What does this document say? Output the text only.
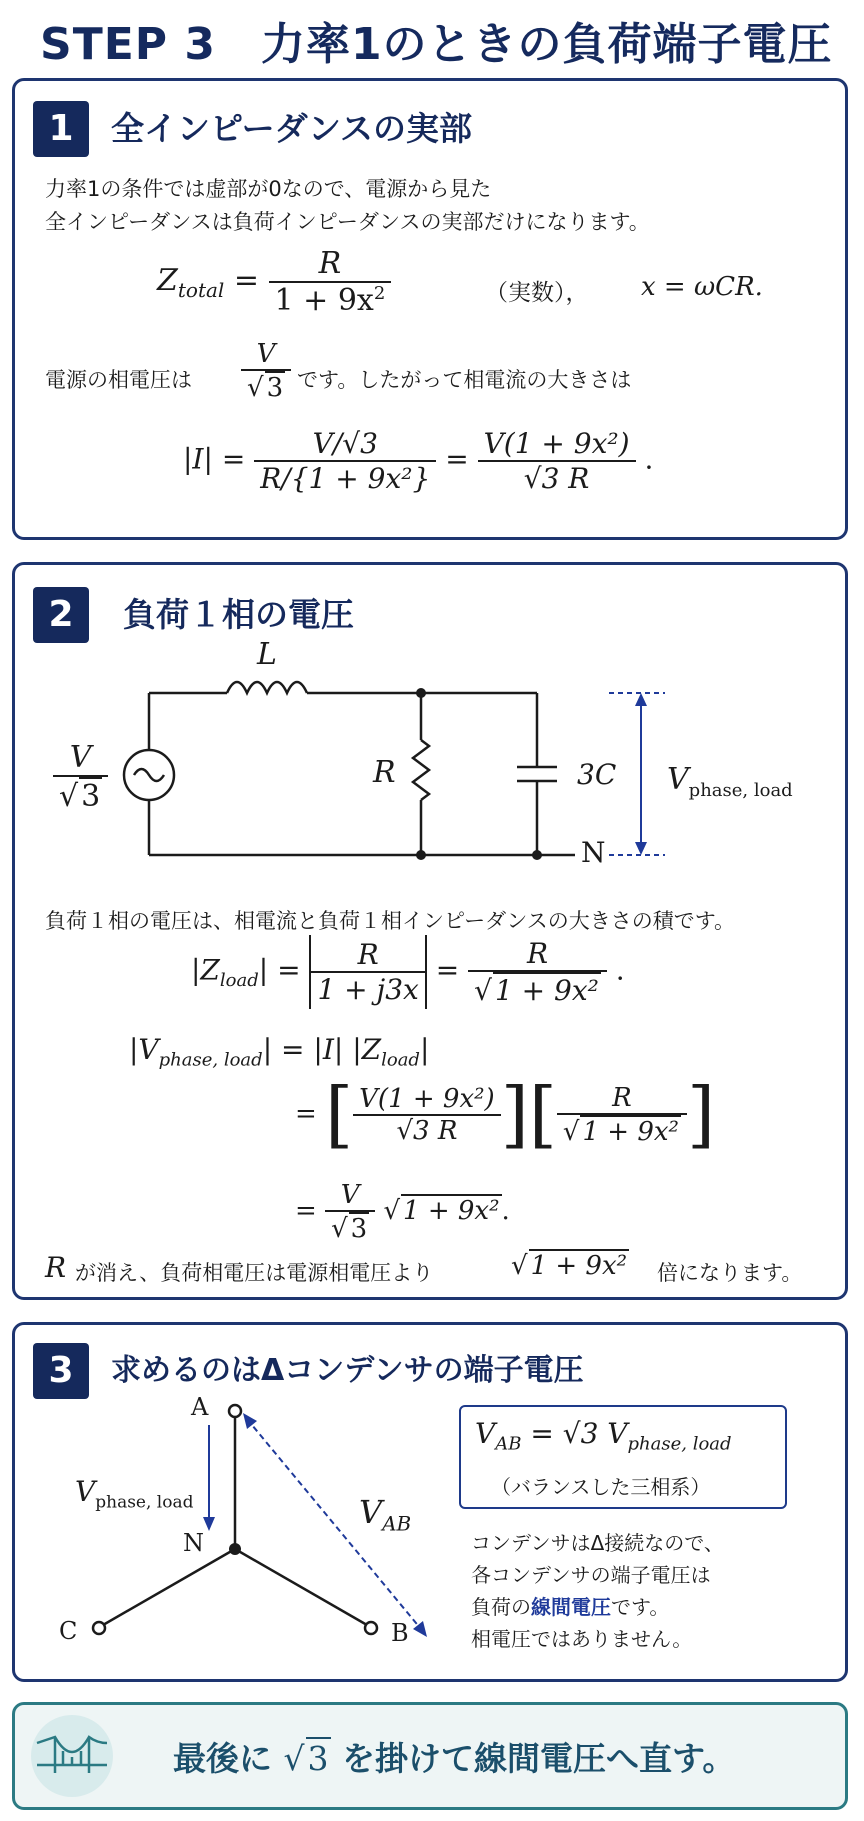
STEP 3　力率1のときの負荷端子電圧
1	全インピーダンスの実部
力率1の条件では虚部が0なので、電源から見た
全インピーダンスは負荷インピーダンスの実部だけになります。
$Z_{total} = \frac{R}{1 + 9x^2}$	（実数）， x = ωCR.
電源の相電圧は $\frac{V}{√ 3}$ です。したがって相電流の大きさは
$|I| = \frac{V/√3}{\text{R/\{1 + 9x²\}}} = \frac{\text{V(1 + 9x²)}}{√3 R}$ .
2	負荷１相の電圧
L
R	3C
N
$\frac{V}{√ 3}$	$V_{phase, load}$
負荷１相の電圧は、相電流と負荷１相インピーダンスの大きさの積です。
$|Z_{load}| = \frac{R}{1 + j3x} = \frac{R}{\text{√ 1 + 9x²}}$ .
$|V_{phase, load}| = |I|$ $|Z_{load}|$
= [ $\frac{\text{V(1 + 9x²)}}{√3 R}$ ][ $\frac{R}{\text{√ 1 + 9x²}}$ ]
= $\frac{V}{√ 3}$ √ 1 + 9x².
R が消え、負荷相電圧は電源相電圧より	√ 1 + 9x² 倍になります。
3	求めるのはΔコンデンサの端子電圧
A
N
C	B
$V_{phase, load}$	$V_{AB}$
$V_{AB} = √3$ $V_{phase, load}$
（バランスした三相系）
コンデンサはΔ接続なので、
各コンデンサの端子電圧は
負荷の線間電圧です。
相電圧ではありません。
最後に √3 を掛けて線間電圧へ直す。
